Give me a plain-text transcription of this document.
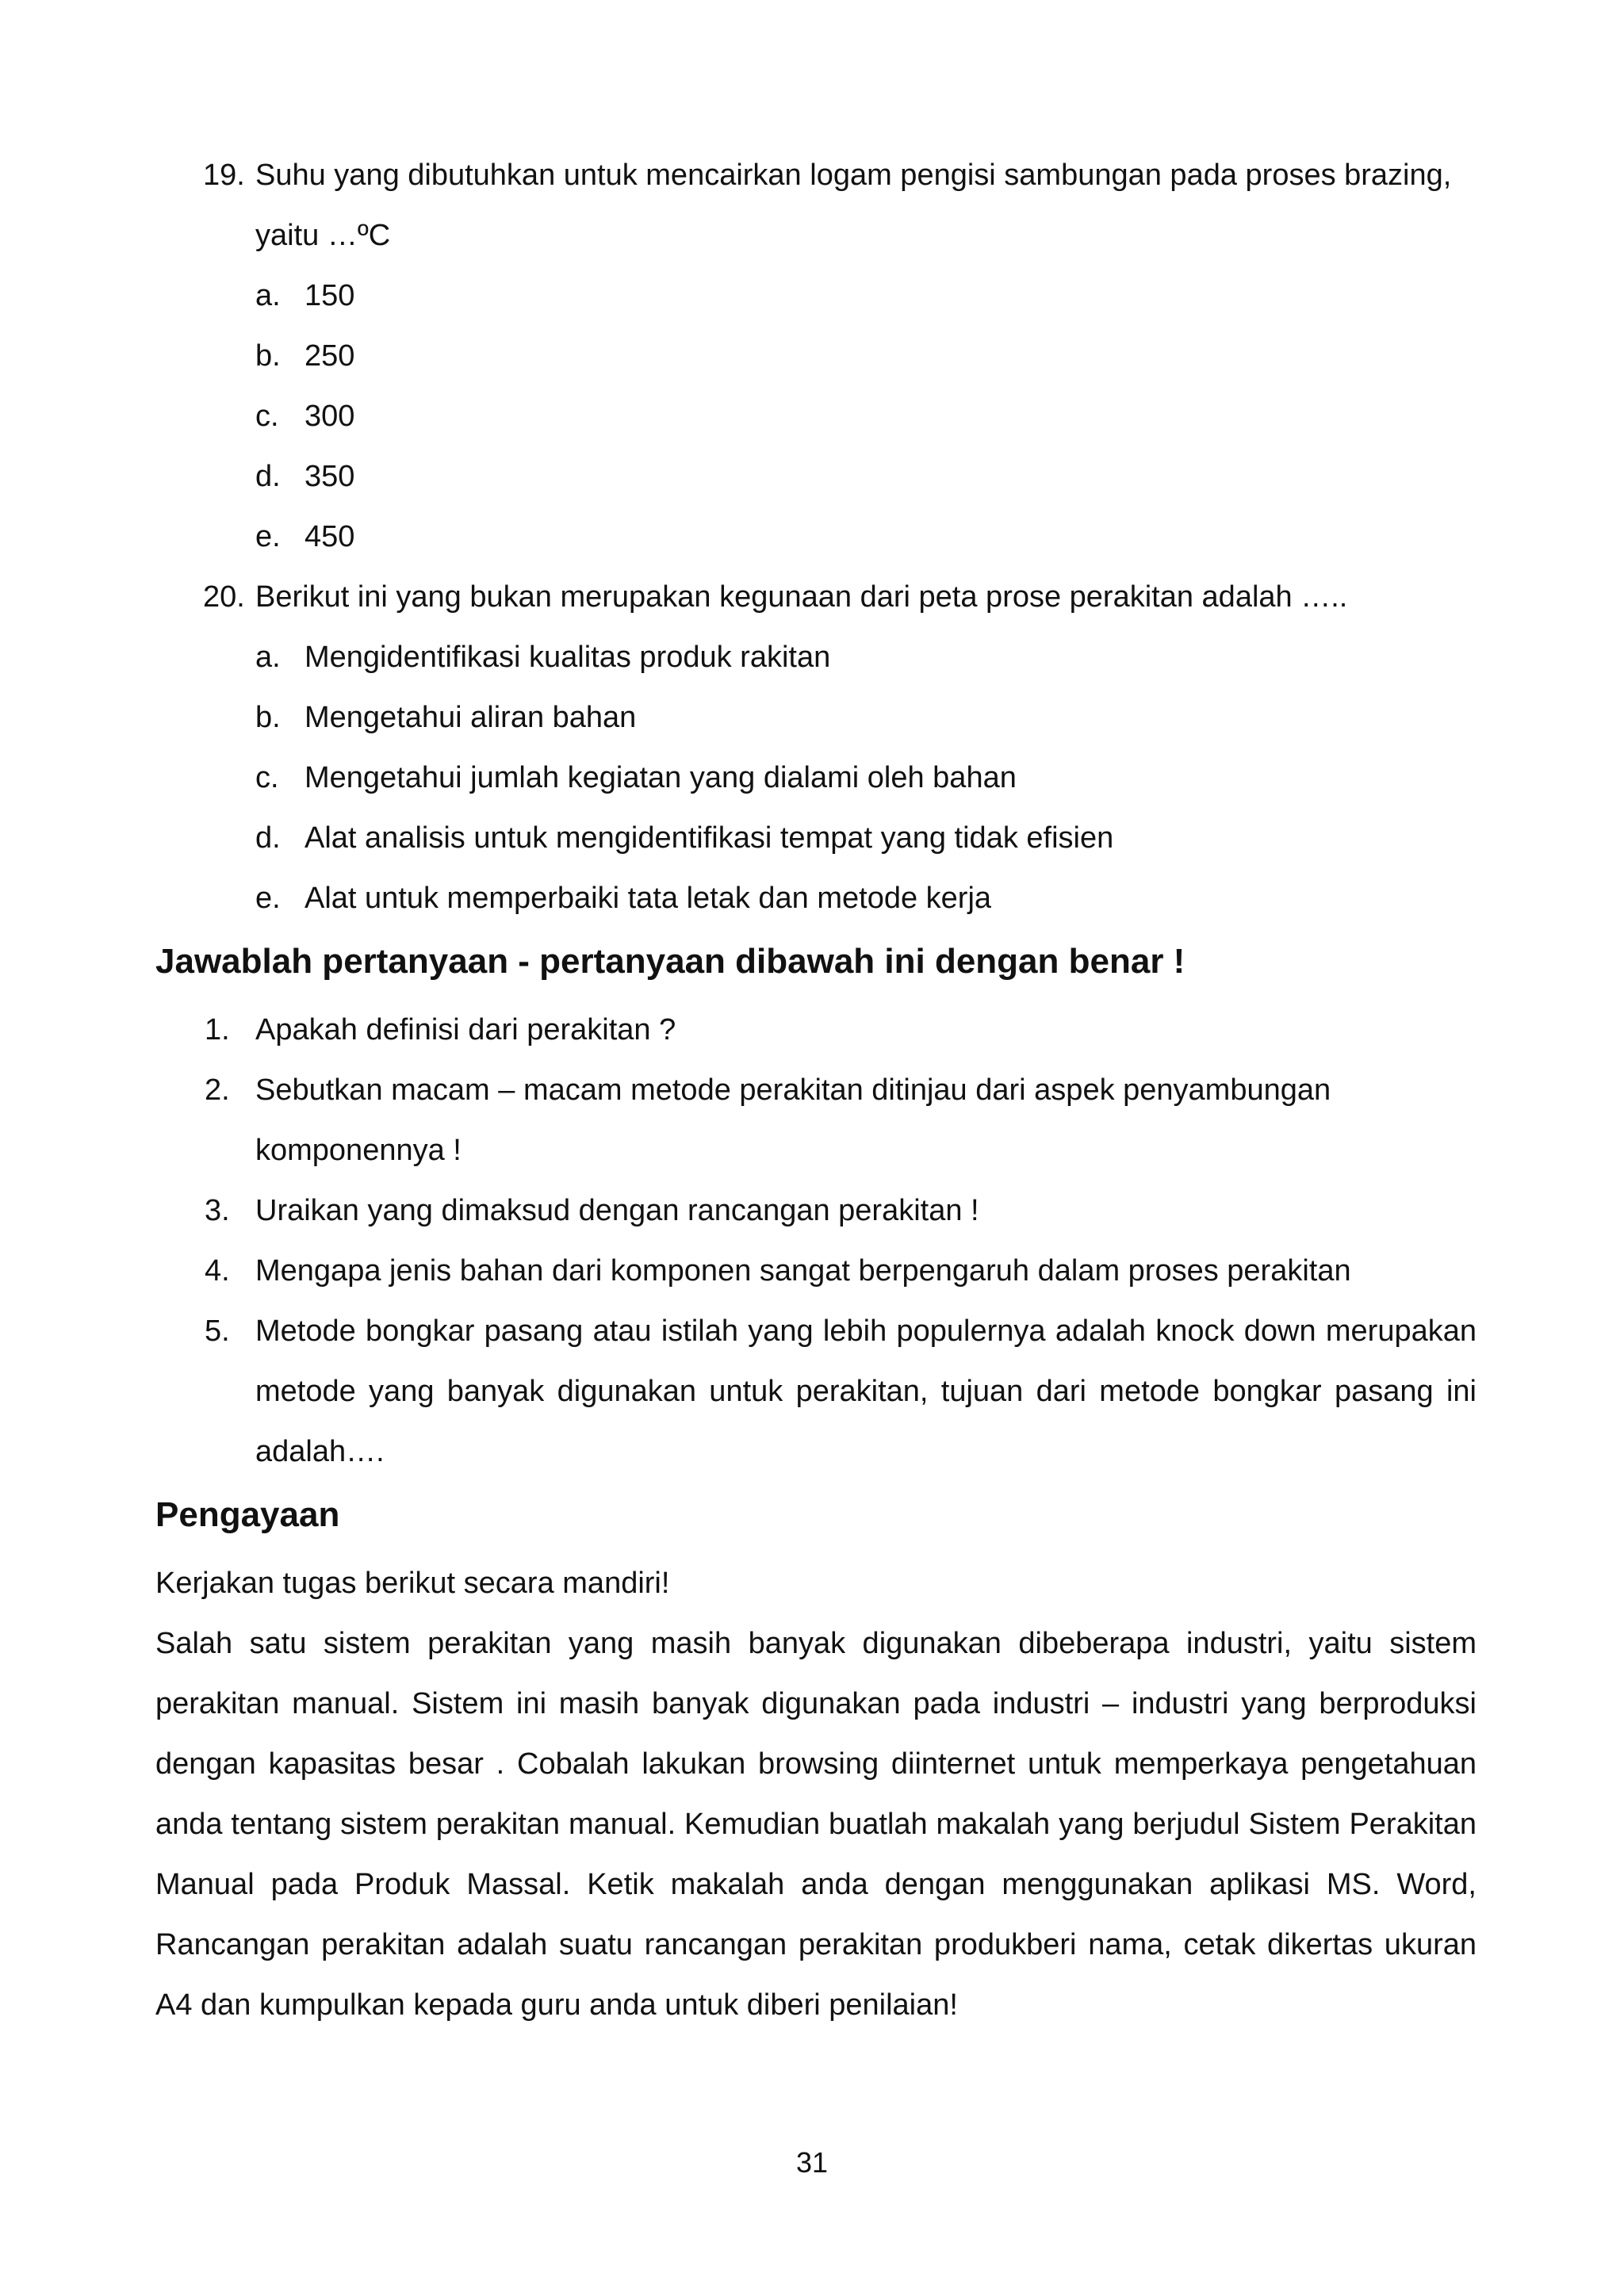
19. Suhu yang dibutuhkan untuk mencairkan logam pengisi sambungan pada proses brazing,
yaitu …ºC
a. 150
b. 250
c. 300
d. 350
e. 450
20. Berikut ini yang bukan merupakan kegunaan dari peta prose perakitan adalah …..
a. Mengidentifikasi kualitas produk rakitan
b. Mengetahui aliran bahan
c. Mengetahui jumlah kegiatan yang dialami oleh bahan
d. Alat analisis untuk mengidentifikasi tempat yang tidak efisien
e. Alat untuk memperbaiki tata letak dan metode kerja
Jawablah pertanyaan - pertanyaan dibawah ini dengan benar !
1. Apakah definisi dari perakitan ?
2. Sebutkan macam – macam metode perakitan ditinjau dari aspek penyambungan
komponennya !
3. Uraikan yang dimaksud dengan rancangan perakitan !
4. Mengapa jenis bahan dari komponen sangat berpengaruh dalam proses perakitan
5. Metode bongkar pasang atau istilah yang lebih populernya adalah knock down merupakan
metode yang banyak digunakan untuk perakitan, tujuan dari metode bongkar pasang ini
adalah….
Pengayaan
Kerjakan tugas berikut secara mandiri!
Salah satu sistem perakitan yang masih banyak digunakan dibeberapa industri, yaitu sistem
perakitan manual. Sistem ini masih banyak digunakan pada industri – industri yang berproduksi
dengan kapasitas besar . Cobalah lakukan browsing diinternet untuk memperkaya pengetahuan
anda tentang sistem perakitan manual. Kemudian buatlah makalah yang berjudul Sistem Perakitan
Manual pada Produk Massal. Ketik makalah anda dengan menggunakan aplikasi MS. Word,
Rancangan perakitan adalah suatu rancangan perakitan produkberi nama, cetak dikertas ukuran
A4 dan kumpulkan kepada guru anda untuk diberi penilaian!
31
